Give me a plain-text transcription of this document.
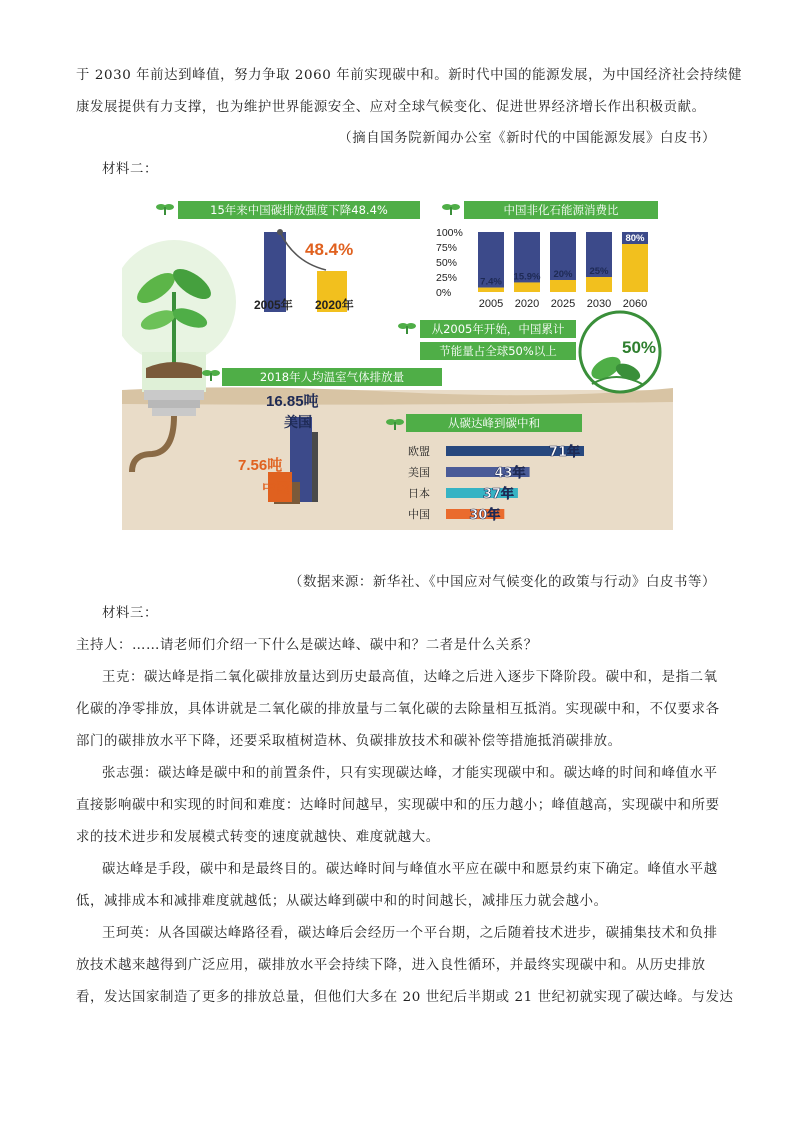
于 2030 年前达到峰值，努力争取 2060 年前实现碳中和。新时代中国的能源发展，为中国经济社会持续健
康发展提供有力支撑，也为维护世界能源安全、应对全球气候变化、促进世界经济增长作出积极贡献。
（摘自国务院新闻办公室《新时代的中国能源发展》白皮书）
材料二：
15年来中国碳排放强度下降48.4%
48.4%
2005年 2020年
中国非化石能源消费比
100%
75%
50%
25%
0%
7.4%
2005
15.9%
2020
20%
2025
25%
2030
80%
2060
从2005年开始，中国累计
节能量占全球50%以上	50%
2018年人均温室气体排放量
16.85吨
美国
7.56吨
中国
从碳达峰到碳中和
欧盟	71年
美国	43年
日本	37年
中国	30年
（数据来源：新华社、《中国应对气候变化的政策与行动》白皮书等）
材料三：
主持人：……请老师们介绍一下什么是碳达峰、碳中和？二者是什么关系？
王克：碳达峰是指二氧化碳排放量达到历史最高值，达峰之后进入逐步下降阶段。碳中和，是指二氧
化碳的净零排放，具体讲就是二氧化碳的排放量与二氧化碳的去除量相互抵消。实现碳中和，不仅要求各
部门的碳排放水平下降，还要采取植树造林、负碳排放技术和碳补偿等措施抵消碳排放。
张志强：碳达峰是碳中和的前置条件，只有实现碳达峰，才能实现碳中和。碳达峰的时间和峰值水平
直接影响碳中和实现的时间和难度：达峰时间越早，实现碳中和的压力越小；峰值越高，实现碳中和所要
求的技术进步和发展模式转变的速度就越快、难度就越大。
碳达峰是手段，碳中和是最终目的。碳达峰时间与峰值水平应在碳中和愿景约束下确定。峰值水平越
低，减排成本和减排难度就越低；从碳达峰到碳中和的时间越长，减排压力就会越小。
王珂英：从各国碳达峰路径看，碳达峰后会经历一个平台期，之后随着技术进步，碳捕集技术和负排
放技术越来越得到广泛应用，碳排放水平会持续下降，进入良性循环，并最终实现碳中和。从历史排放
看，发达国家制造了更多的排放总量，但他们大多在 20 世纪后半期或 21 世纪初就实现了碳达峰。与发达
